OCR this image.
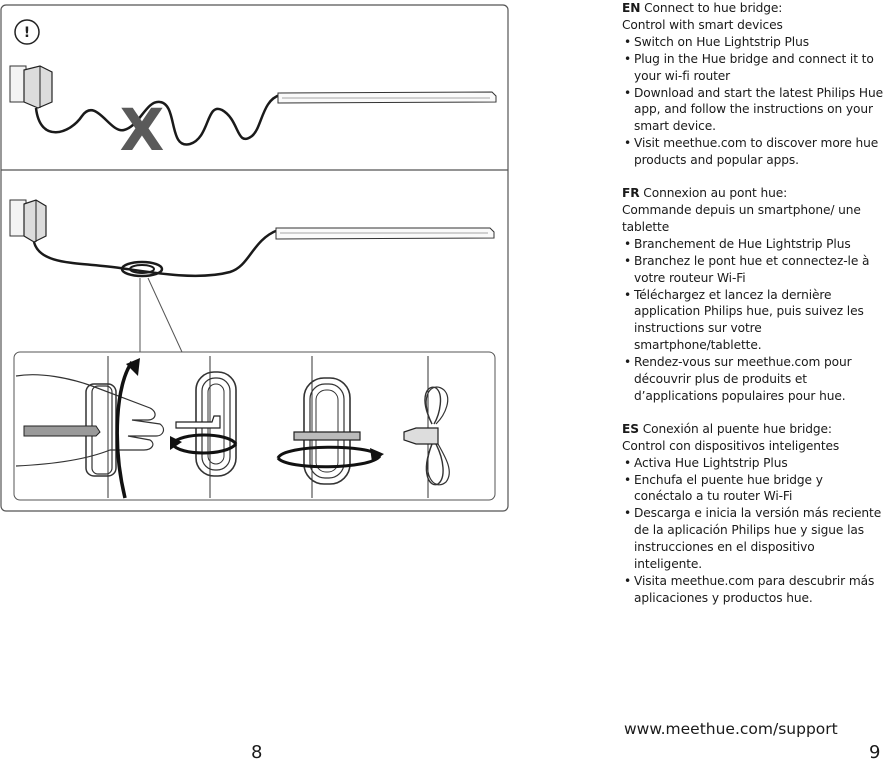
!
X
EN Connect to hue bridge:
Control with smart devices
• Switch on Hue Lightstrip Plus
• Plug in the Hue bridge and connect it to your wi-fi router
• Download and start the latest Philips Hue app, and follow the instructions on your smart device.
• Visit meethue.com to discover more hue products and popular apps.
FR Connexion au pont hue:
Commande depuis un smartphone/ une tablette
• Branchement de Hue Lightstrip Plus
• Branchez le pont hue et connectez-le à votre routeur Wi-Fi
• Téléchargez et lancez la dernière application Philips hue, puis suivez les instructions sur votre smartphone/tablette.
• Rendez-vous sur meethue.com pour découvrir plus de produits et d’applications populaires pour hue.
ES Conexión al puente hue bridge:
Control con dispositivos inteligentes
• Activa Hue Lightstrip Plus
• Enchufa el puente hue bridge y conéctalo a tu router Wi-Fi
• Descarga e inicia la versión más reciente de la aplicación Philips hue y sigue las instrucciones en el dispositivo inteligente.
• Visita meethue.com para descubrir más aplicaciones y productos hue.
www.meethue.com/support
8	9
